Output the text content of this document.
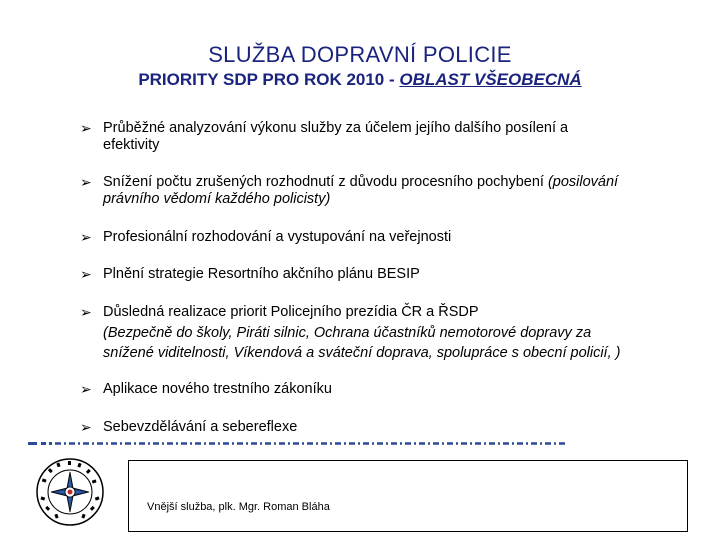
SLUŽBA DOPRAVNÍ POLICIE
PRIORITY SDP PRO ROK 2010 - OBLAST VŠEOBECNÁ
➢ Průběžné analyzování výkonu služby za účelem jejího dalšího posílení a
efektivity
➢ Snížení počtu zrušených rozhodnutí z důvodu procesního pochybení (posilování
právního vědomí každého policisty)
➢ Profesionální rozhodování a vystupování na veřejnosti
➢ Plnění strategie Resortního akčního plánu BESIP
➢ Důsledná realizace priorit Policejního prezídia ČR a ŘSDP
(Bezpečně do školy, Piráti silnic, Ochrana účastníků nemotorové dopravy za
snížené viditelnosti, Víkendová a sváteční doprava, spolupráce s obecní policií, )
➢ Aplikace nového trestního zákoníku
➢ Sebevzdělávání a sebereflexe
Vnější služba, plk. Mgr. Roman Bláha
